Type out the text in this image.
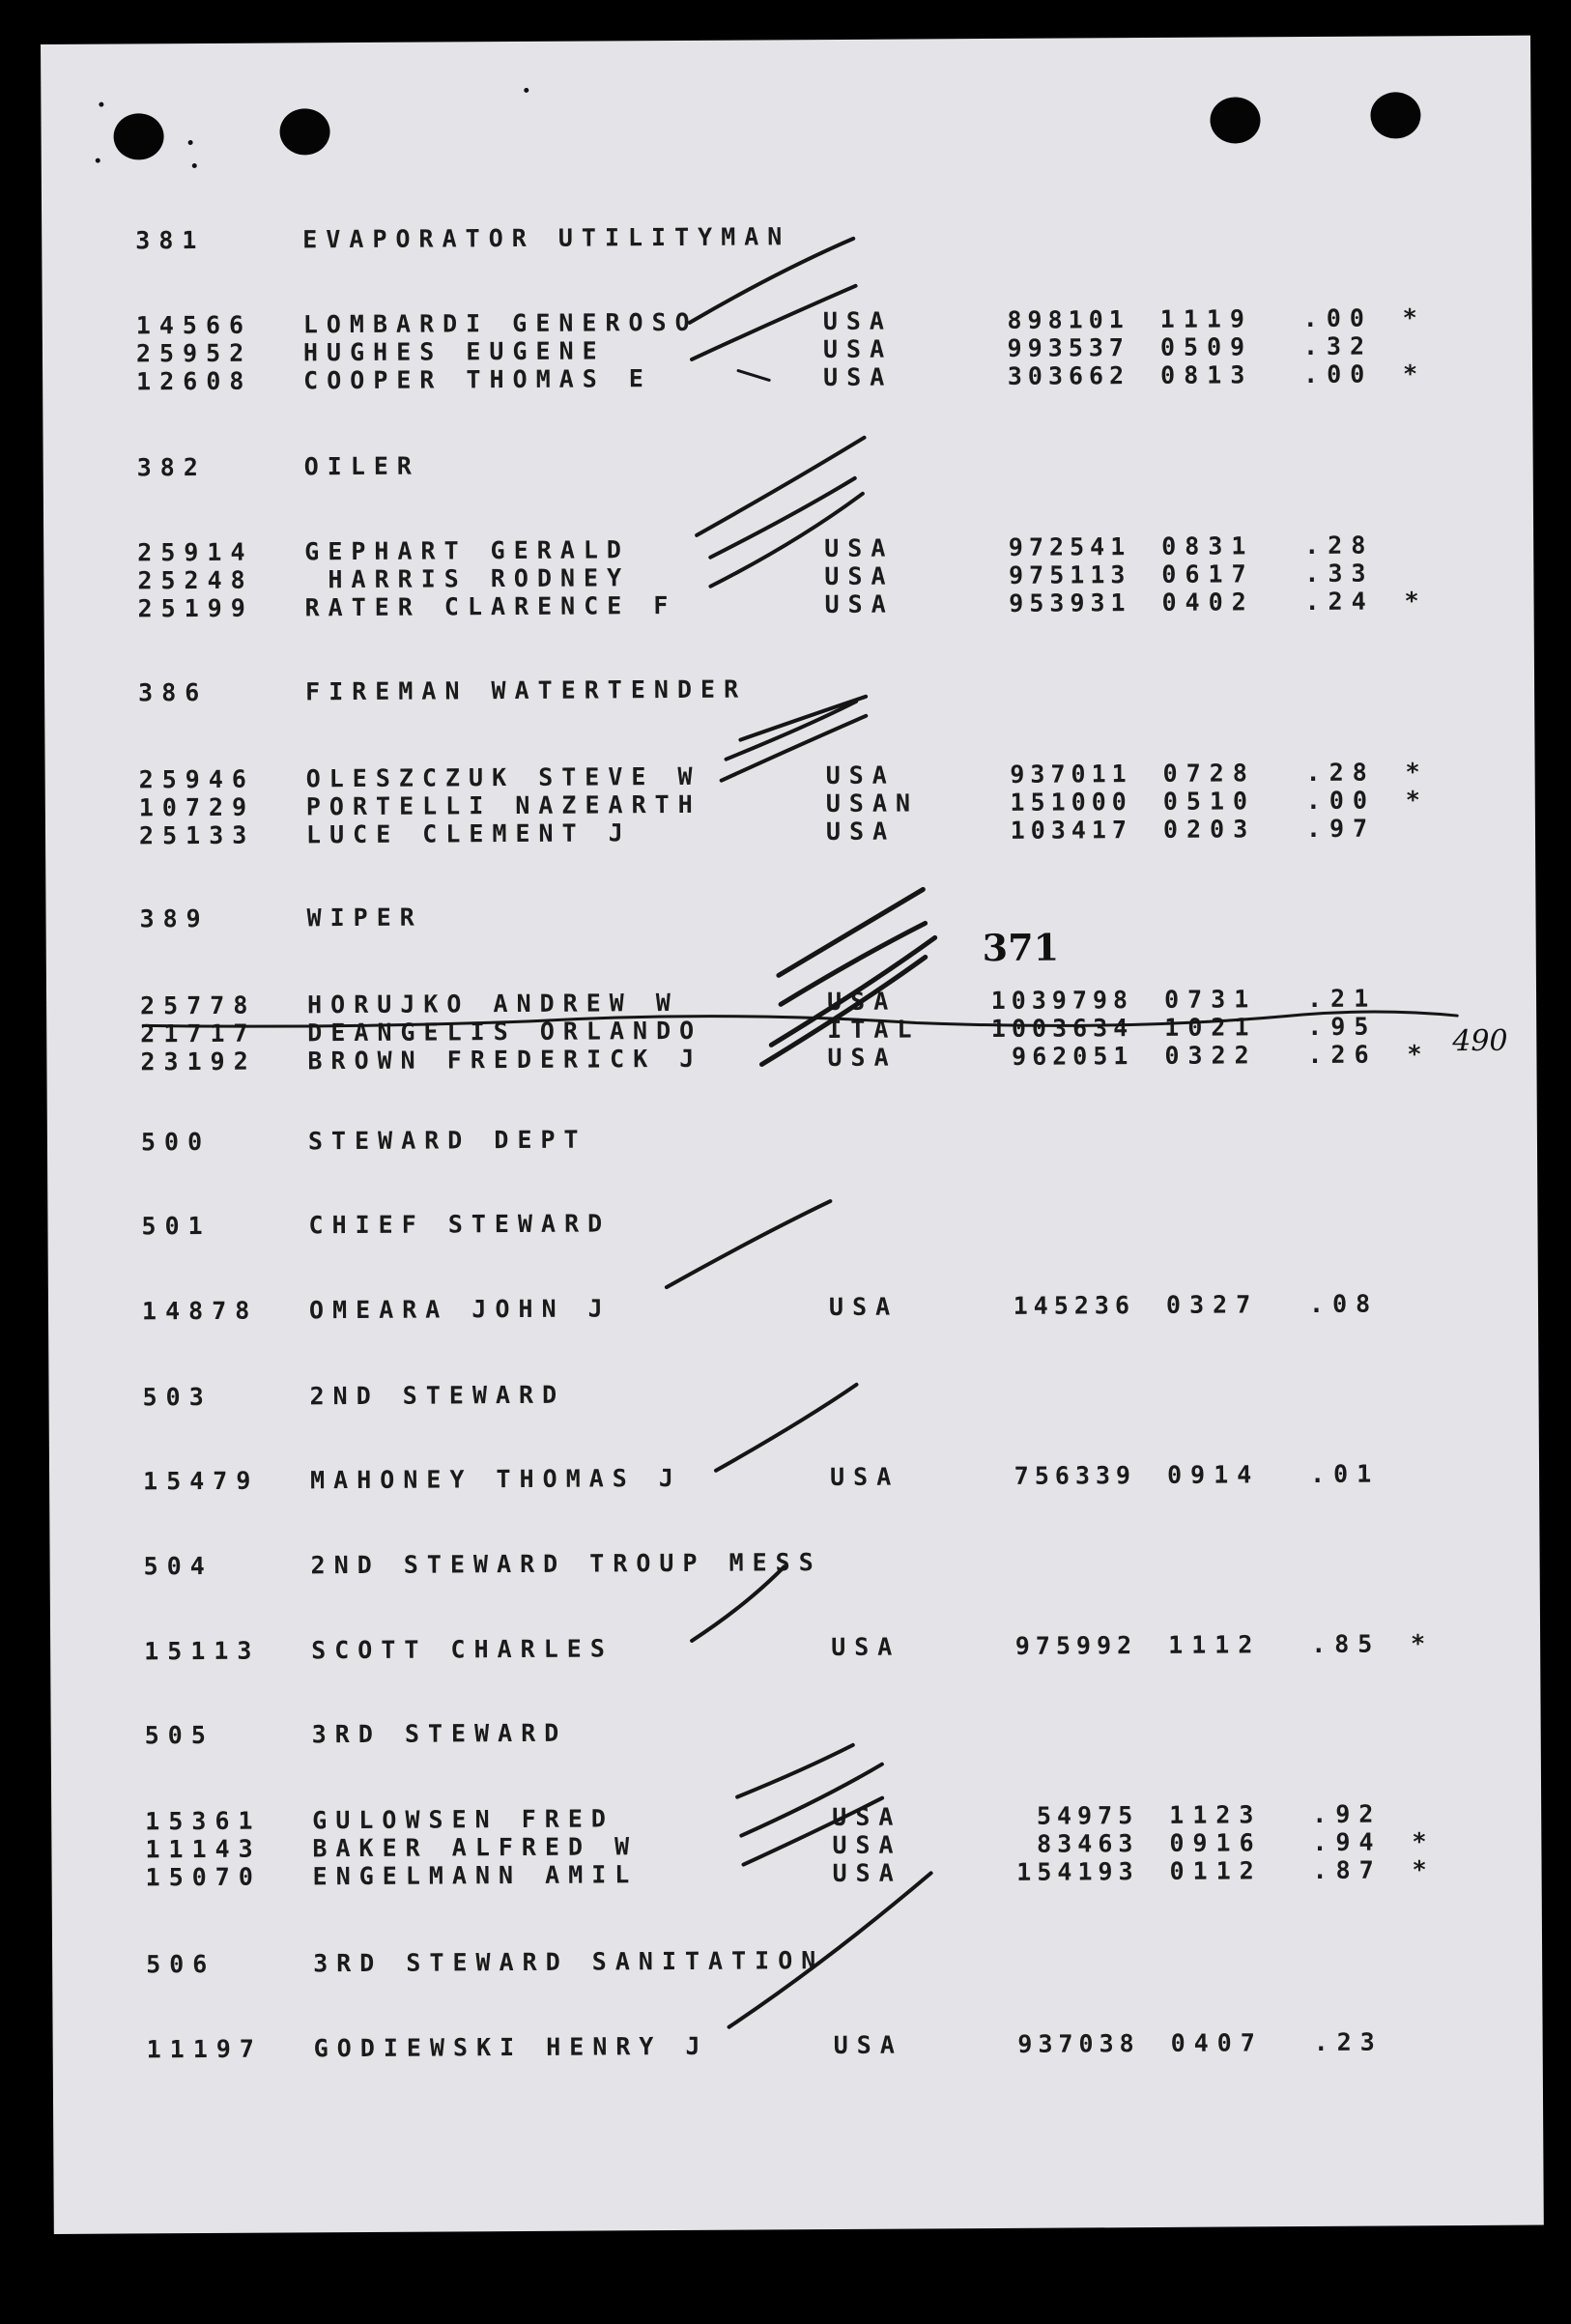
381	EVAPORATOR UTILITYMAN
14566 LOMBARDI GENEROSO	USA	898101 1119 .00 *
25952 HUGHES EUGENE	USA	993537 0509 .32
12608 COOPER THOMAS E	USA	303662 0813 .00 *
382	OILER
25914 GEPHART GERALD	USA	972541 0831 .28
25248 HARRIS RODNEY	USA	975113 0617 .33
25199 RATER CLARENCE F	USA	953931 0402 .24 *
386	FIREMAN WATERTENDER
25946 OLESZCZUK STEVE W	USA	937011 0728 .28 *
10729 PORTELLI NAZEARTH	USAN	151000 0510 .00 *
25133 LUCE CLEMENT J	USA	103417 0203 .97
389	WIPER
25778 HORUJKO ANDREW W	USA	1039798 0731 .21
21717 DEANGELIS ORLANDO	ITAL	1003634 1021 .95
23192 BROWN FREDERICK J	USA	962051 0322 .26 *
500	STEWARD DEPT
501	CHIEF STEWARD
14878 OMEARA JOHN J	USA	145236 0327 .08
503	2ND STEWARD
15479 MAHONEY THOMAS J	USA	756339 0914 .01
504	2ND STEWARD TROUP MESS
15113 SCOTT CHARLES	USA	975992 1112 .85 *
505	3RD STEWARD
15361 GULOWSEN FRED	USA	54975 1123 .92
11143 BAKER ALFRED W	USA	83463 0916 .94 *
15070 ENGELMANN AMIL	USA	154193 0112 .87 *
506	3RD STEWARD SANITATION
11197 GODIEWSKI HENRY J	USA	937038 0407 .23
371
490
